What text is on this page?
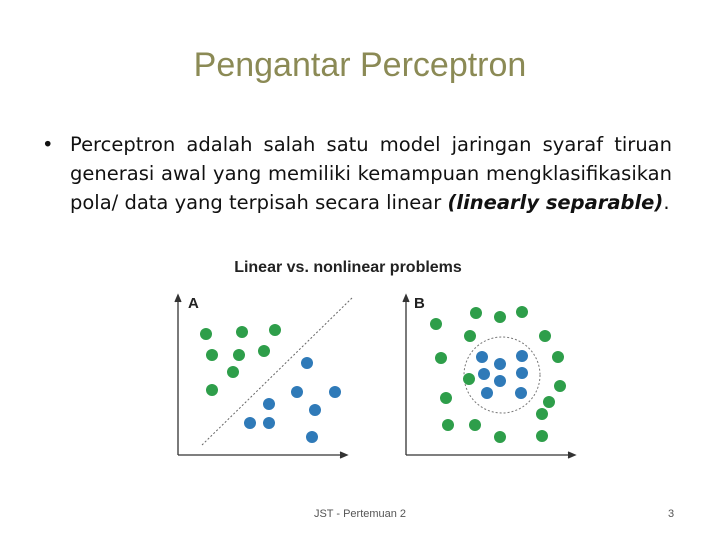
Pengantar Perceptron
• Perceptron adalah salah satu model jaringan syaraf tiruan generasi awal yang memiliki kemampuan mengklasifikasikan pola/ data yang terpisah secara linear (linearly separable).
Linear vs. nonlinear problems
A	B
JST - Pertemuan 2	3
